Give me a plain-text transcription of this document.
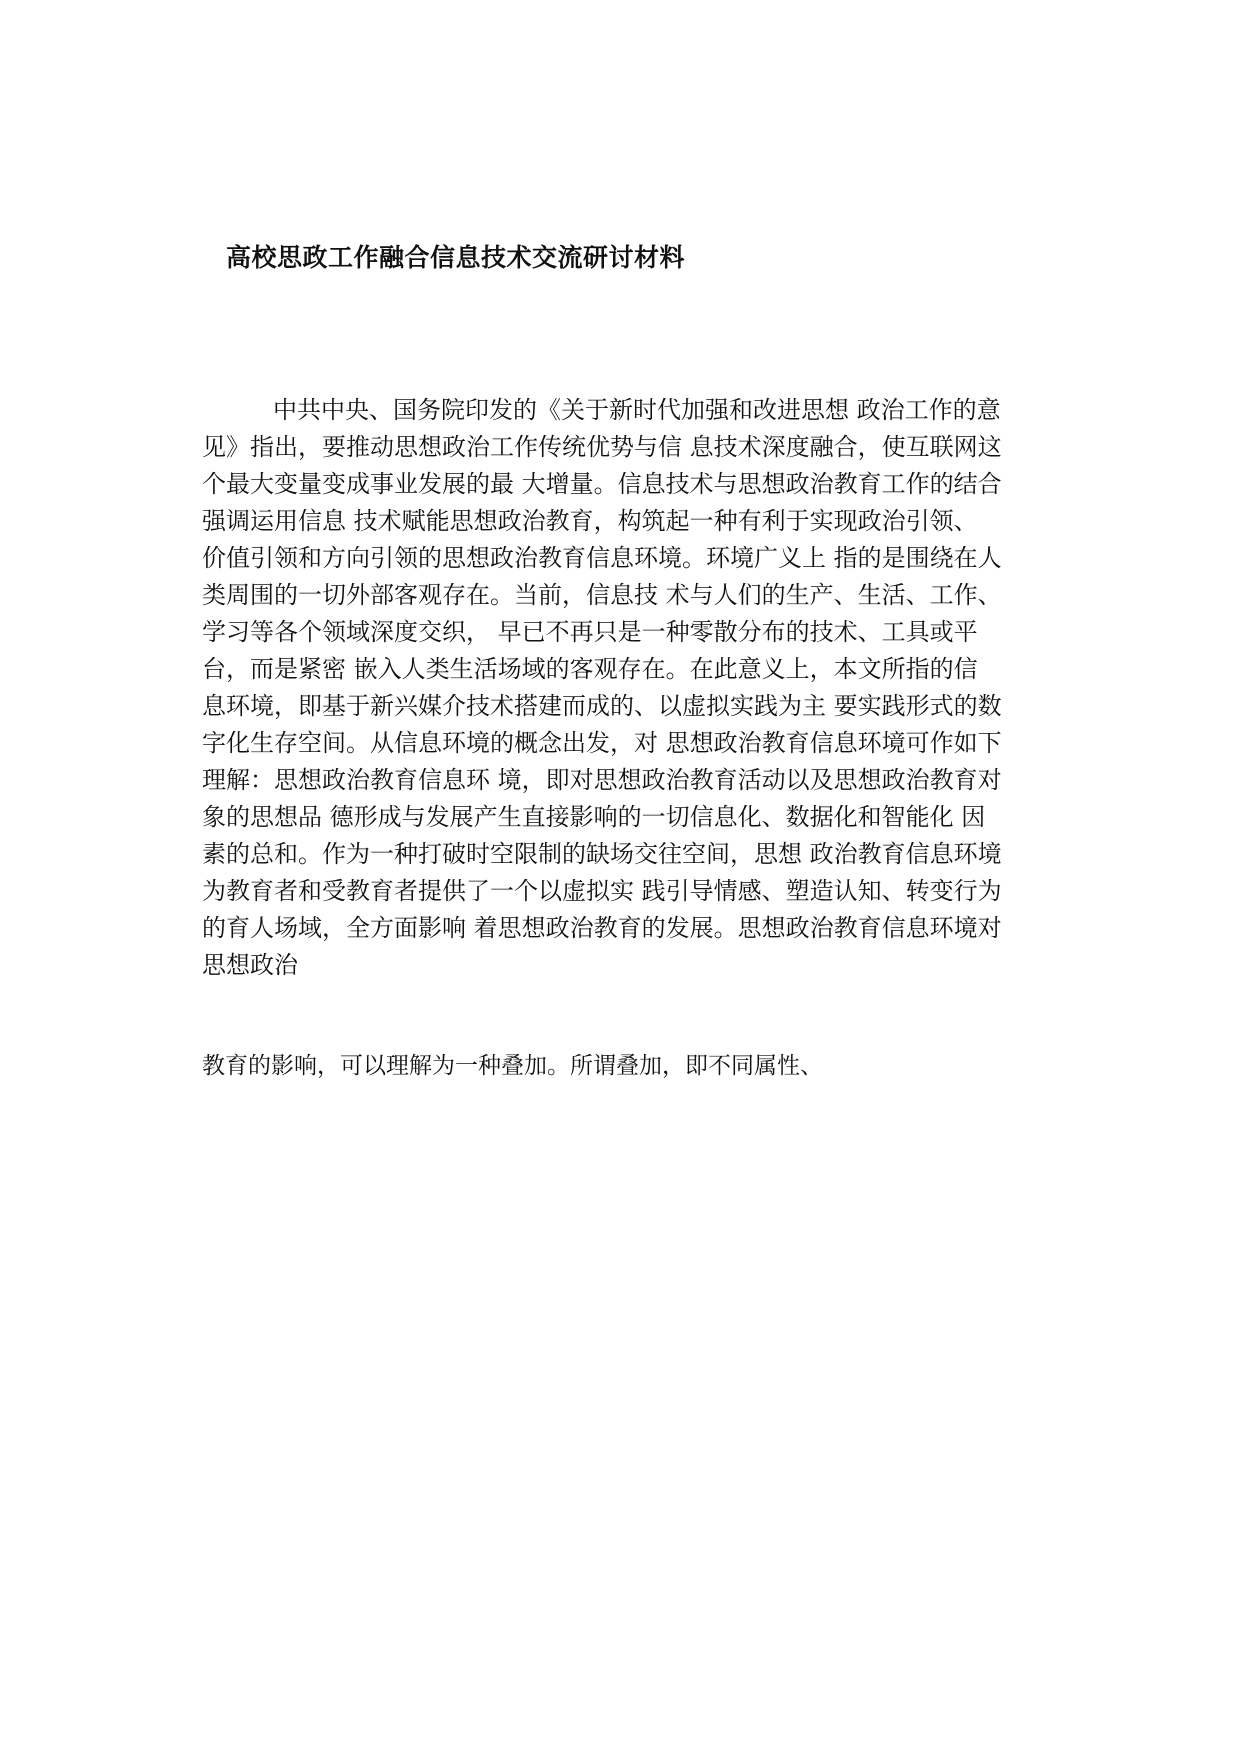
高校思政工作融合信息技术交流研讨材料
中共中央、国务院印发的《关于新时代加强和改进思想 政治工作的意
见》指出，要推动思想政治工作传统优势与信 息技术深度融合，使互联网这
个最大变量变成事业发展的最 大增量。信息技术与思想政治教育工作的结合
强调运用信息 技术赋能思想政治教育，构筑起一种有利于实现政治引领、
价值引领和方向引领的思想政治教育信息环境。环境广义上 指的是围绕在人
类周围的一切外部客观存在。当前，信息技 术与人们的生产、生活、工作、
学习等各个领域深度交织， 早已不再只是一种零散分布的技术、工具或平
台，而是紧密 嵌入人类生活场域的客观存在。在此意义上，本文所指的信
息环境，即基于新兴媒介技术搭建而成的、以虚拟实践为主 要实践形式的数
字化生存空间。从信息环境的概念出发，对 思想政治教育信息环境可作如下
理解：思想政治教育信息环 境，即对思想政治教育活动以及思想政治教育对
象的思想品 德形成与发展产生直接影响的一切信息化、数据化和智能化 因
素的总和。作为一种打破时空限制的缺场交往空间，思想 政治教育信息环境
为教育者和受教育者提供了一个以虚拟实 践引导情感、塑造认知、转变行为
的育人场域，全方面影响 着思想政治教育的发展。思想政治教育信息环境对
思想政治

教育的影响，可以理解为一种叠加。所谓叠加，即不同属性、
